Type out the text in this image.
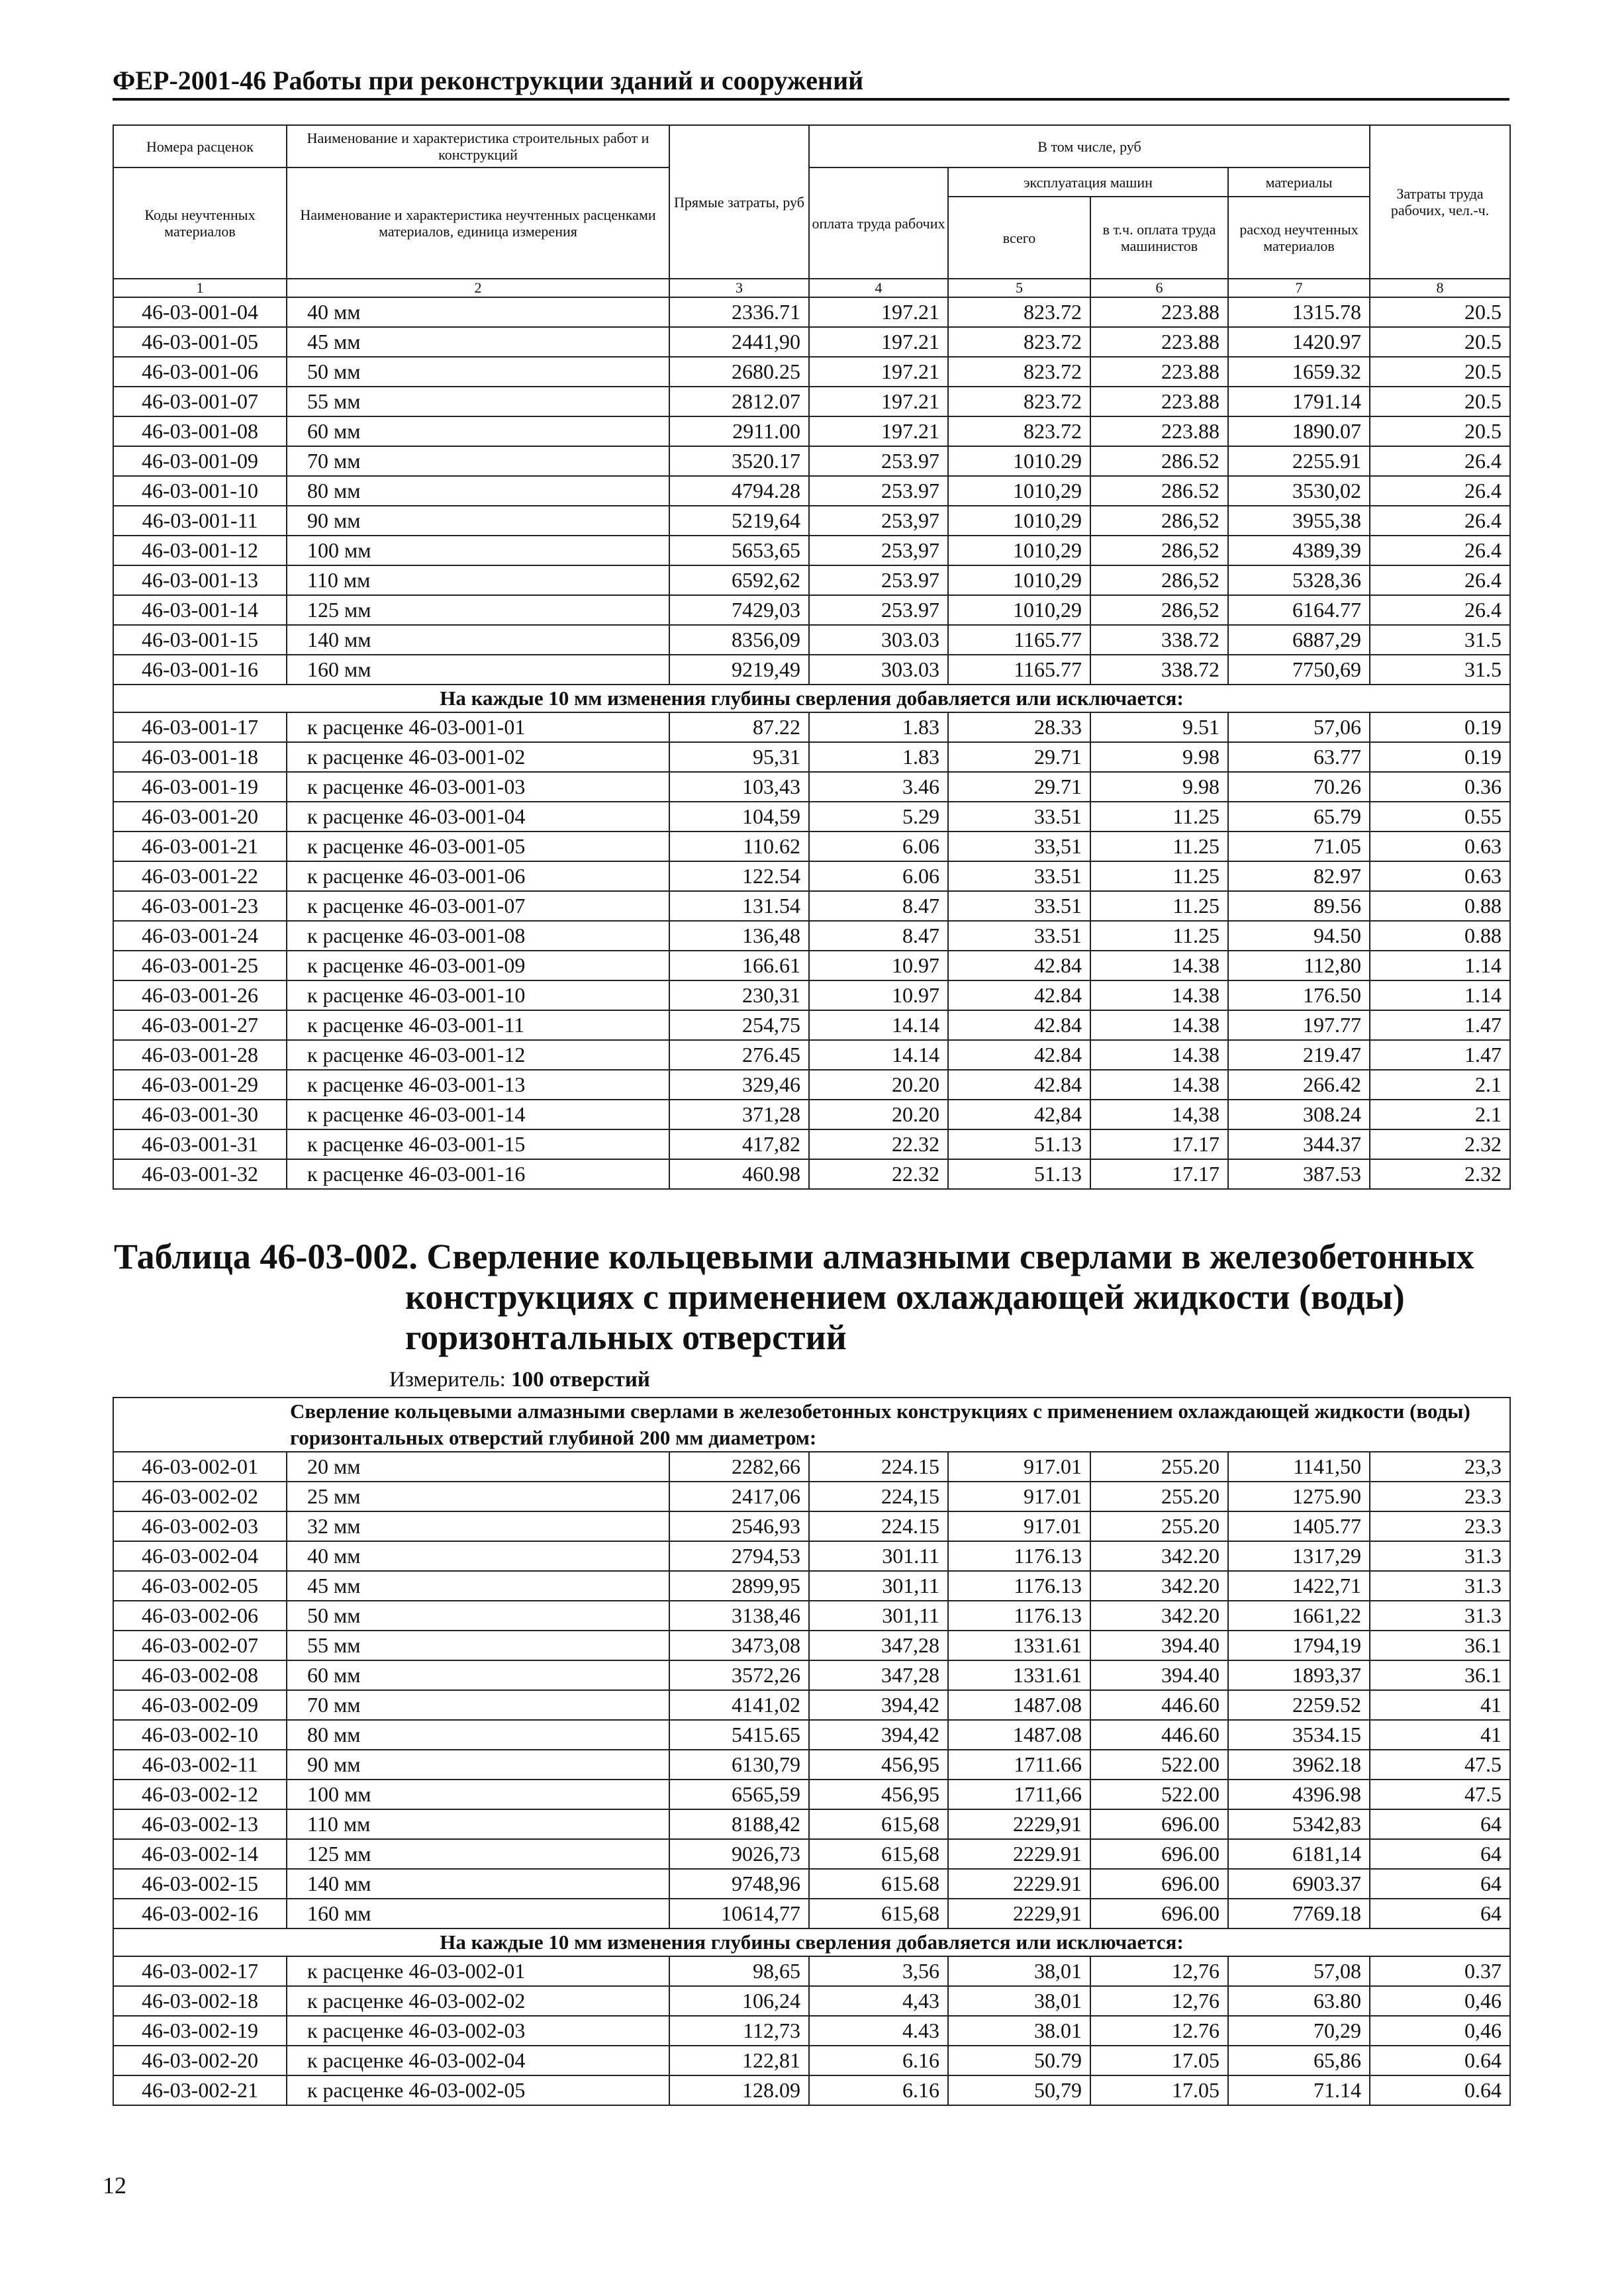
ФЕР-2001-46 Работы при реконструкции зданий и сооружений
Номера расценок	Наименование и характеристика строительных работ и конструкций	Прямые затраты, руб	В том числе, руб				Затраты труда рабочих, чел.-ч.
Коды неучтенных материалов	Наименование и характеристика неучтенных расценками материалов, единица измерения		оплата труда рабочих	эксплуатация машин		материалы	
				всего	в т.ч. оплата труда машинистов	расход неучтенных материалов	
1	2	3	4	5	6	7	8
46-03-001-04	40 мм	2336.71	197.21	823.72	223.88	1315.78	20.5
46-03-001-05	45 мм	2441,90	197.21	823.72	223.88	1420.97	20.5
46-03-001-06	50 мм	2680.25	197.21	823.72	223.88	1659.32	20.5
46-03-001-07	55 мм	2812.07	197.21	823.72	223.88	1791.14	20.5
46-03-001-08	60 мм	2911.00	197.21	823.72	223.88	1890.07	20.5
46-03-001-09	70 мм	3520.17	253.97	1010.29	286.52	2255.91	26.4
46-03-001-10	80 мм	4794.28	253.97	1010,29	286.52	3530,02	26.4
46-03-001-11	90 мм	5219,64	253,97	1010,29	286,52	3955,38	26.4
46-03-001-12	100 мм	5653,65	253,97	1010,29	286,52	4389,39	26.4
46-03-001-13	110 мм	6592,62	253.97	1010,29	286,52	5328,36	26.4
46-03-001-14	125 мм	7429,03	253.97	1010,29	286,52	6164.77	26.4
46-03-001-15	140 мм	8356,09	303.03	1165.77	338.72	6887,29	31.5
46-03-001-16	160 мм	9219,49	303.03	1165.77	338.72	7750,69	31.5
На каждые 10 мм изменения глубины сверления добавляется или исключается:							
46-03-001-17	к расценке 46-03-001-01	87.22	1.83	28.33	9.51	57,06	0.19
46-03-001-18	к расценке 46-03-001-02	95,31	1.83	29.71	9.98	63.77	0.19
46-03-001-19	к расценке 46-03-001-03	103,43	3.46	29.71	9.98	70.26	0.36
46-03-001-20	к расценке 46-03-001-04	104,59	5.29	33.51	11.25	65.79	0.55
46-03-001-21	к расценке 46-03-001-05	110.62	6.06	33,51	11.25	71.05	0.63
46-03-001-22	к расценке 46-03-001-06	122.54	6.06	33.51	11.25	82.97	0.63
46-03-001-23	к расценке 46-03-001-07	131.54	8.47	33.51	11.25	89.56	0.88
46-03-001-24	к расценке 46-03-001-08	136,48	8.47	33.51	11.25	94.50	0.88
46-03-001-25	к расценке 46-03-001-09	166.61	10.97	42.84	14.38	112,80	1.14
46-03-001-26	к расценке 46-03-001-10	230,31	10.97	42.84	14.38	176.50	1.14
46-03-001-27	к расценке 46-03-001-11	254,75	14.14	42.84	14.38	197.77	1.47
46-03-001-28	к расценке 46-03-001-12	276.45	14.14	42.84	14.38	219.47	1.47
46-03-001-29	к расценке 46-03-001-13	329,46	20.20	42.84	14.38	266.42	2.1
46-03-001-30	к расценке 46-03-001-14	371,28	20.20	42,84	14,38	308.24	2.1
46-03-001-31	к расценке 46-03-001-15	417,82	22.32	51.13	17.17	344.37	2.32
46-03-001-32	к расценке 46-03-001-16	460.98	22.32	51.13	17.17	387.53	2.32
Таблица 46-03-002. Сверление кольцевыми алмазными сверлами в железобетонных
конструкциях с применением охлаждающей жидкости (воды)
горизонтальных отверстий
Измеритель: 100 отверстий
Сверление кольцевыми алмазными сверлами в железобетонных конструкциях с применением охлаждающей жидкости (воды) горизонтальных отверстий глубиной 200 мм диаметром:							
46-03-002-01	20 мм	2282,66	224.15	917.01	255.20	1141,50	23,3
46-03-002-02	25 мм	2417,06	224,15	917.01	255.20	1275.90	23.3
46-03-002-03	32 мм	2546,93	224.15	917.01	255.20	1405.77	23.3
46-03-002-04	40 мм	2794,53	301.11	1176.13	342.20	1317,29	31.3
46-03-002-05	45 мм	2899,95	301,11	1176.13	342.20	1422,71	31.3
46-03-002-06	50 мм	3138,46	301,11	1176.13	342.20	1661,22	31.3
46-03-002-07	55 мм	3473,08	347,28	1331.61	394.40	1794,19	36.1
46-03-002-08	60 мм	3572,26	347,28	1331.61	394.40	1893,37	36.1
46-03-002-09	70 мм	4141,02	394,42	1487.08	446.60	2259.52	41
46-03-002-10	80 мм	5415.65	394,42	1487.08	446.60	3534.15	41
46-03-002-11	90 мм	6130,79	456,95	1711.66	522.00	3962.18	47.5
46-03-002-12	100 мм	6565,59	456,95	1711,66	522.00	4396.98	47.5
46-03-002-13	110 мм	8188,42	615,68	2229,91	696.00	5342,83	64
46-03-002-14	125 мм	9026,73	615,68	2229.91	696.00	6181,14	64
46-03-002-15	140 мм	9748,96	615.68	2229.91	696.00	6903.37	64
46-03-002-16	160 мм	10614,77	615,68	2229,91	696.00	7769.18	64
На каждые 10 мм изменения глубины сверления добавляется или исключается:							
46-03-002-17	к расценке 46-03-002-01	98,65	3,56	38,01	12,76	57,08	0.37
46-03-002-18	к расценке 46-03-002-02	106,24	4,43	38,01	12,76	63.80	0,46
46-03-002-19	к расценке 46-03-002-03	112,73	4.43	38.01	12.76	70,29	0,46
46-03-002-20	к расценке 46-03-002-04	122,81	6.16	50.79	17.05	65,86	0.64
46-03-002-21	к расценке 46-03-002-05	128.09	6.16	50,79	17.05	71.14	0.64
12
